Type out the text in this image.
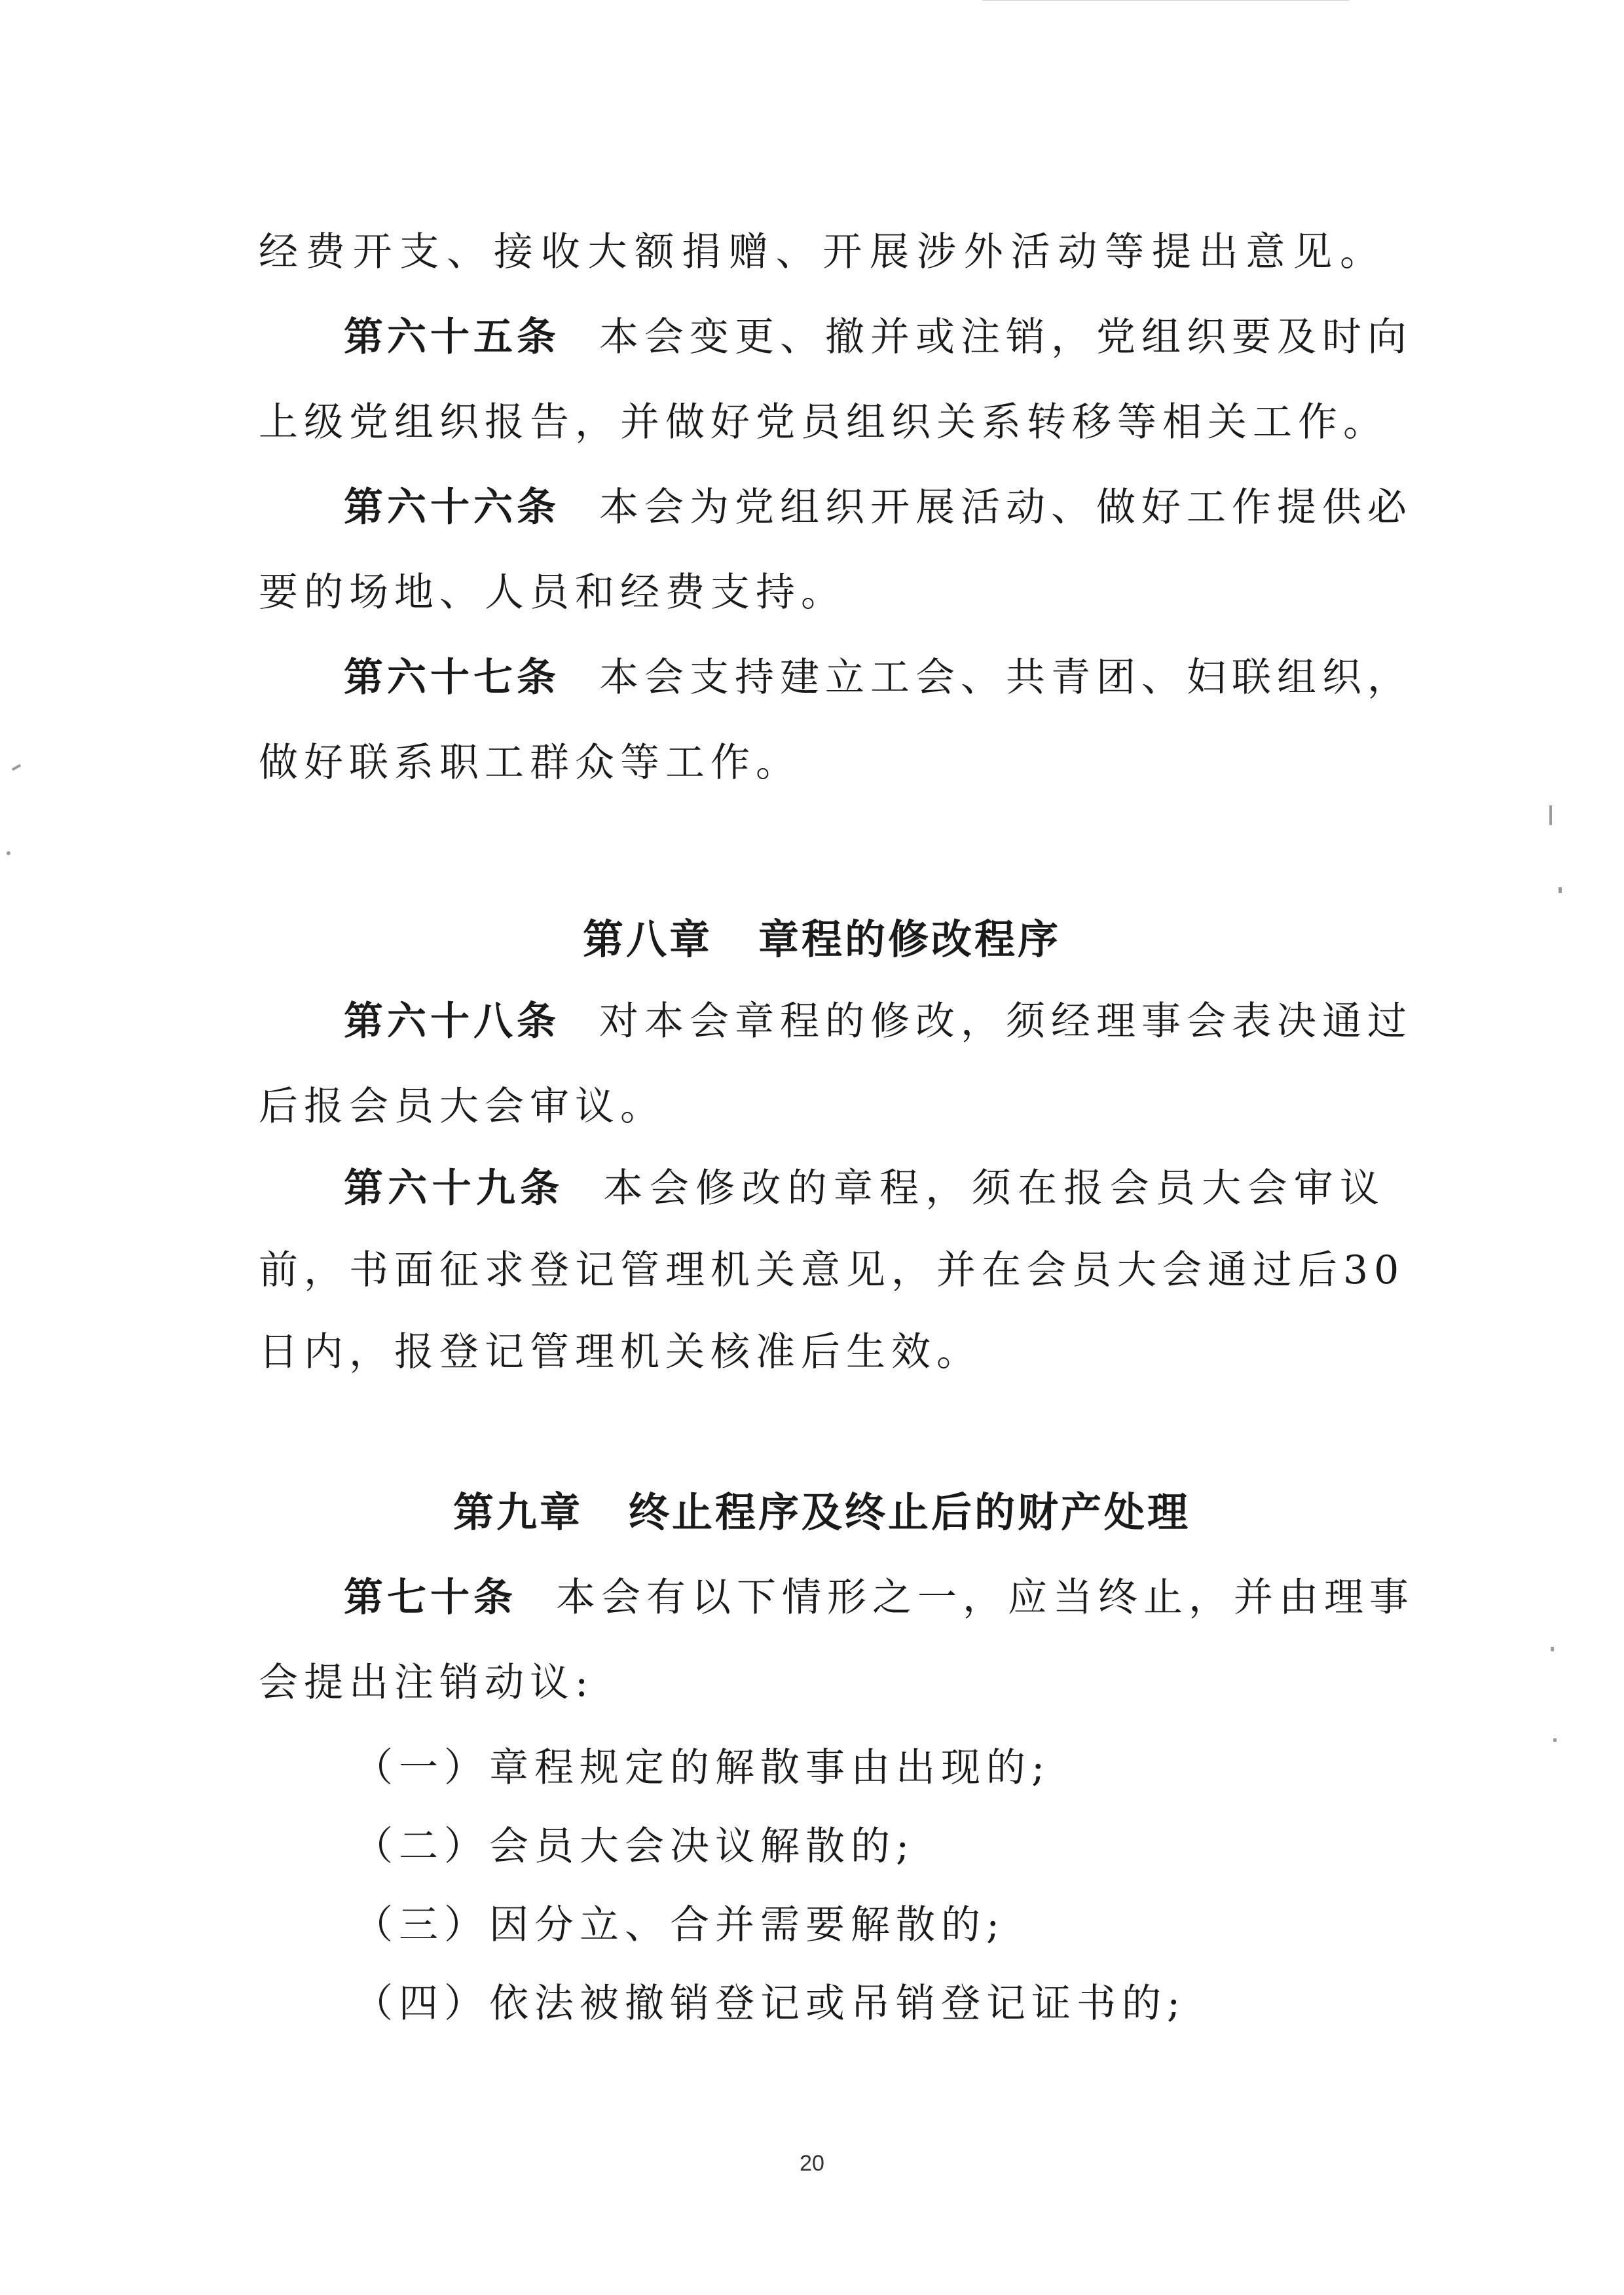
经费开支、接收大额捐赠、开展涉外活动等提出意见。
第六十五条 本会变更、撤并或注销，党组织要及时向
上级党组织报告，并做好党员组织关系转移等相关工作。
第六十六条 本会为党组织开展活动、做好工作提供必
要的场地、人员和经费支持。
第六十七条 本会支持建立工会、共青团、妇联组织，
做好联系职工群众等工作。
第八章 章程的修改程序
第六十八条 对本会章程的修改，须经理事会表决通过
后报会员大会审议。
第六十九条 本会修改的章程，须在报会员大会审议
前，书面征求登记管理机关意见，并在会员大会通过后30
日内，报登记管理机关核准后生效。
第九章 终止程序及终止后的财产处理
第七十条 本会有以下情形之一，应当终止，并由理事
会提出注销动议:
（一）章程规定的解散事由出现的;
（二）会员大会决议解散的;
（三）因分立、合并需要解散的;
（四）依法被撤销登记或吊销登记证书的;
20
